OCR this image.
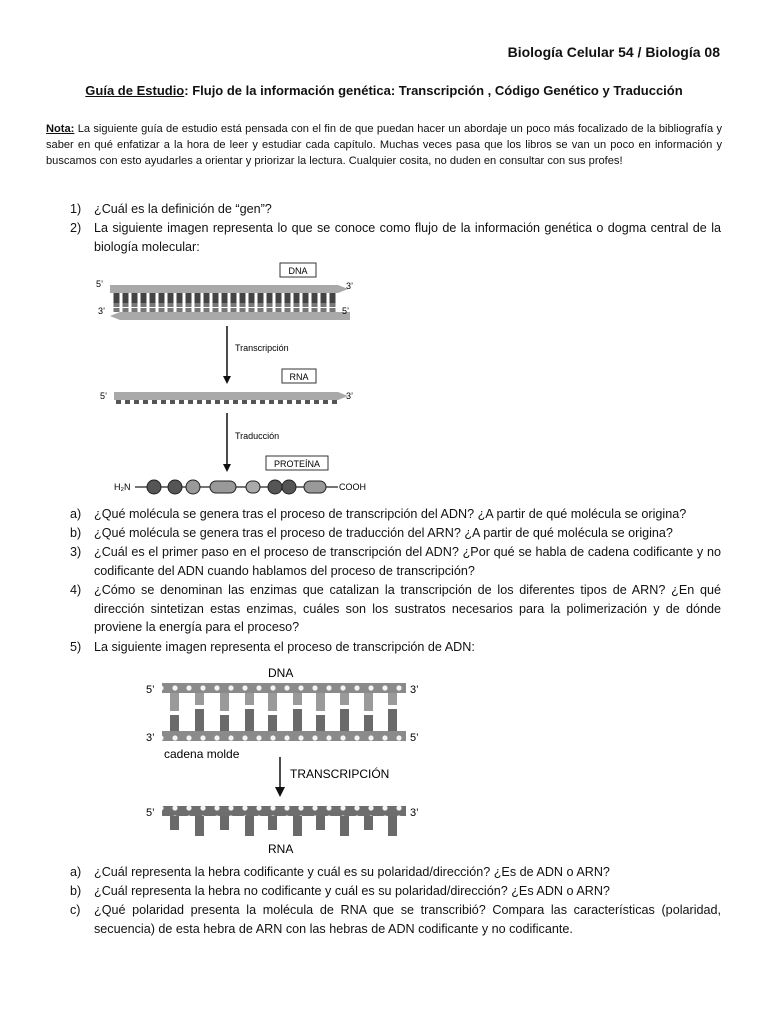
Biología Celular 54 / Biología 08
Guía de Estudio: Flujo de la información genética: Transcripción , Código Genético y Traducción
Nota: La siguiente guía de estudio está pensada con el fin de que puedan hacer un abordaje un poco más focalizado de la bibliografía y saber en qué enfatizar a la hora de leer y estudiar cada capítulo. Muchas veces pasa que los libros se van un poco en información y buscamos con esto ayudarles a orientar y priorizar la lectura. Cualquier cosita, no duden en consultar con sus profes!
1) ¿Cuál es la definición de “gen”?
2) La siguiente imagen representa lo que se conoce como flujo de la información genética o dogma central de la biología molecular:
DNA
5’	3’
3’	5’
Transcripción
RNA
5’	3’
Traducción
PROTEÍNA
H₂N	COOH
a) ¿Qué molécula se genera tras el proceso de transcripción del ADN? ¿A partir de qué molécula se origina?
b) ¿Qué molécula se genera tras el proceso de traducción del ARN? ¿A partir de qué molécula se origina?
3) ¿Cuál es el primer paso en el proceso de transcripción del ADN? ¿Por qué se habla de cadena codificante y no codificante del ADN cuando hablamos del proceso de transcripción?
4) ¿Cómo se denominan las enzimas que catalizan la transcripción de los diferentes tipos de ARN? ¿En qué dirección sintetizan estas enzimas, cuáles son los sustratos necesarios para la polimerización y de dónde proviene la energía para el proceso?
5) La siguiente imagen representa el proceso de transcripción de ADN:
DNA
5’	3’
3’	5’
cadena molde
TRANSCRIPCIÓN
5’	3’
RNA
a) ¿Cuál representa la hebra codificante y cuál es su polaridad/dirección? ¿Es de ADN o ARN?
b) ¿Cuál representa la hebra no codificante y cuál es su polaridad/dirección? ¿Es ADN o ARN?
c) ¿Qué polaridad presenta la molécula de RNA que se transcribió? Compara las características (polaridad, secuencia) de esta hebra de ARN con las hebras de ADN codificante y no codificante.
